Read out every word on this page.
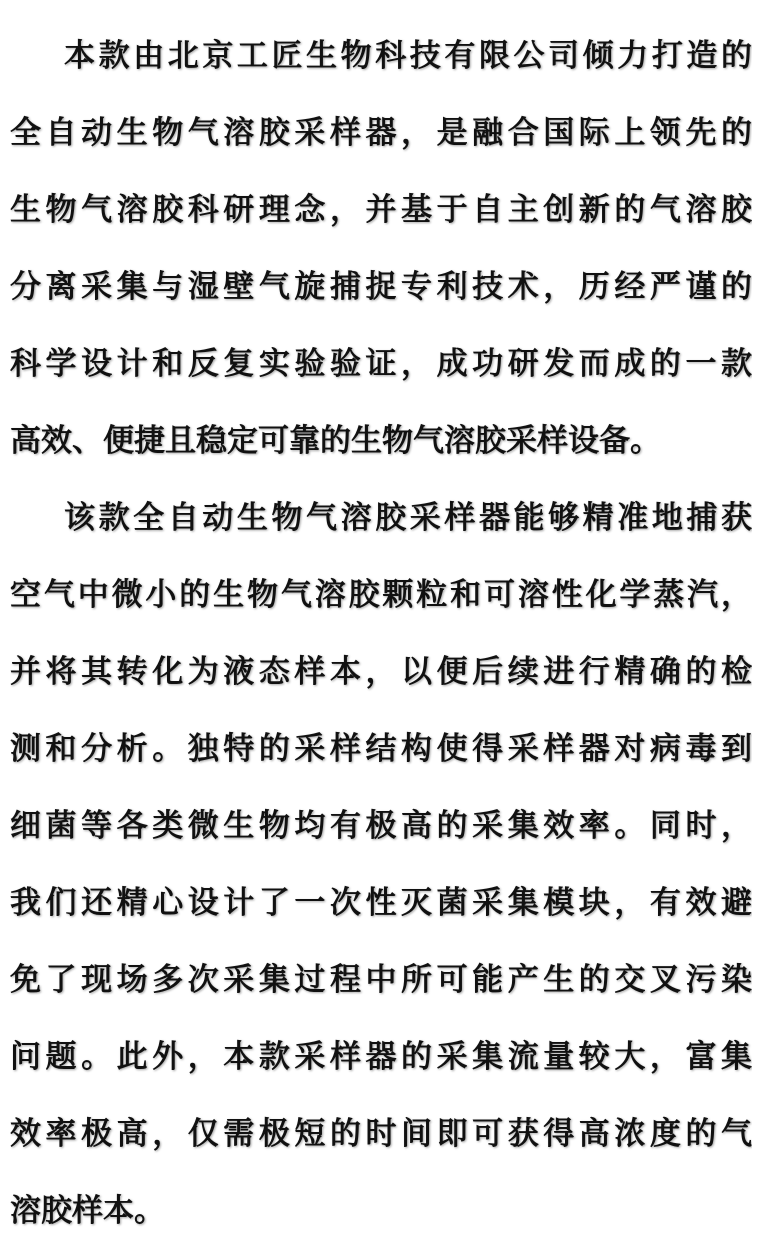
本款由北京工匠生物科技有限公司倾力打造的
全自动生物气溶胶采样器，是融合国际上领先的
生物气溶胶科研理念，并基于自主创新的气溶胶
分离采集与湿壁气旋捕捉专利技术，历经严谨的
科学设计和反复实验验证，成功研发而成的一款
高效、便捷且稳定可靠的生物气溶胶采样设备。
该款全自动生物气溶胶采样器能够精准地捕获
空气中微小的生物气溶胶颗粒和可溶性化学蒸汽，
并将其转化为液态样本，以便后续进行精确的检
测和分析。独特的采样结构使得采样器对病毒到
细菌等各类微生物均有极高的采集效率。同时，
我们还精心设计了一次性灭菌采集模块，有效避
免了现场多次采集过程中所可能产生的交叉污染
问题。此外，本款采样器的采集流量较大，富集
效率极高，仅需极短的时间即可获得高浓度的气
溶胶样本。
